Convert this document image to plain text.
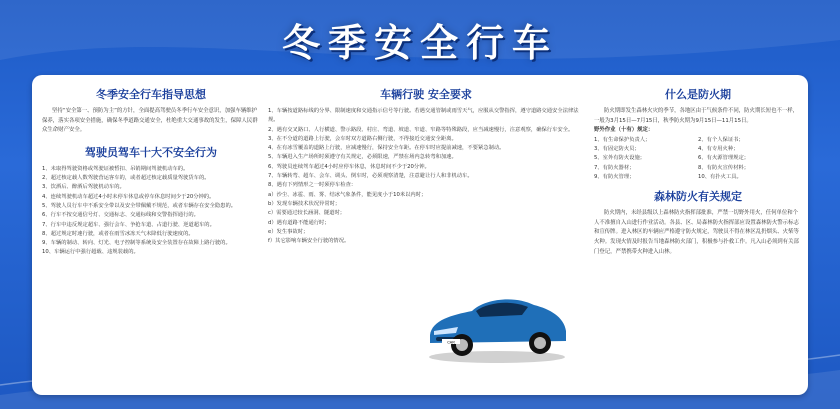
冬季安全行车
冬季安全行车指导思想

坚持“安全第一、预防为主”的方针，全面提高驾驶员冬季行车安全意识，加强车辆维护保养，落实各项安全措施，确保冬季道路交通安全，杜绝重大交通事故的发生，保障人民群众生命财产安全。

驾驶员驾车十大不安全行为

1、未取得驾驶资格或驾驶证被暂扣、吊销期间驾驶机动车的。

2、超过核定载人数驾驶营运客车的，或者超过核定载质量驾驶货车的。

3、饮酒后、醉酒后驾驶机动车的。

4、连续驾驶机动车超过4小时未停车休息或停车休息时间少于20分钟的。

5、驾驶人员行车中不系安全带以及安全带佩戴不规范，或者车辆存在安全隐患的。

6、行车不按交通信号灯、交通标志、交通标线和交警指挥通行的。

7、行车中违反规定超车、强行会车、争抢车道、占道行驶、逆道超车的。

8、超过规定时速行驶，或者在雨雪冰冻天气未降低行驶速度的。

9、车辆的制动、转向、灯光、电子控制等系统及安全装置存在故障上路行驶的。

10、车辆运行中强行超载、违规装载的。

车辆行驶 安全要求

1、车辆按道路标线的分界、限制速度和交通指示信号等行驶。若遇交通管制或雨雪天气，应服从交警指挥，遵守道路交通安全法律法规。

2、遇有交叉路口、人行横道、警示路段、村庄、弯道、坡道、窄道、窄路等特殊路段，应当减速慢行，注意观察，确保行车安全。

3、在不分道的道路上行驶，会车时双方道路右侧行驶，不得接近交通安全距离。

4、在有冰雪覆盖的道路上行驶，应减速慢行，保持安全车距。在停车时应提前减速，不要紧急制动。

5、车辆进入生产场所时须遵守有关规定，必须限速，严禁在场内急转弯和加速。

6、驾驶员连续驾车超过4小时应停车休息，休息时间不少于20分钟。

7、车辆转弯、超车、会车、调头、倒车时，必须观察清楚，注意避让行人和非机动车。

8、遇有下列情形之一时须停车检查：

a）沙尘、冰雹、雨、雾、结冰气象条件，能见度小于10米以内时；

b）发现车辆技术状况异常时；

c）需要通过较长涵洞、隧道时；

d）遇有道路不能通行时；

e）发生事故时；

f）其它影响车辆安全行驶的情况。

CAR
什么是防火期

防火期即发生森林火灾的季节，各地区由于气候条件不同，防火期长短也不一样，一般为3月15日—7月15日，秋季防火期为9月15日—11月15日。

野外作业（十有）规定：

1、有生命保护负责人；	2、有个人保证书；

3、有固定防火员；	4、有专用火种；

5、室外有防火设施；	6、有火源管理规定；

7、有防火器材；	8、有防火宣传材料；

9、有防火管理；	10、有扑火工具。

森林防火有关规定

防火期内，未经县级以上森林防火指挥部批准，严禁一切野外用火，任何单位和个人不准擅自入山进行作业活动。各县、区、局森林防火指挥部应设置森林防火警示标志和宣传牌。进入林区的车辆应严格遵守防火规定，驾驶员不得在林区乱扔烟头、火柴等火种。发现火情及时报告当地森林防火部门，积极参与扑救工作。凡入山必须到有关部门登记，严禁携带火种进入山林。
